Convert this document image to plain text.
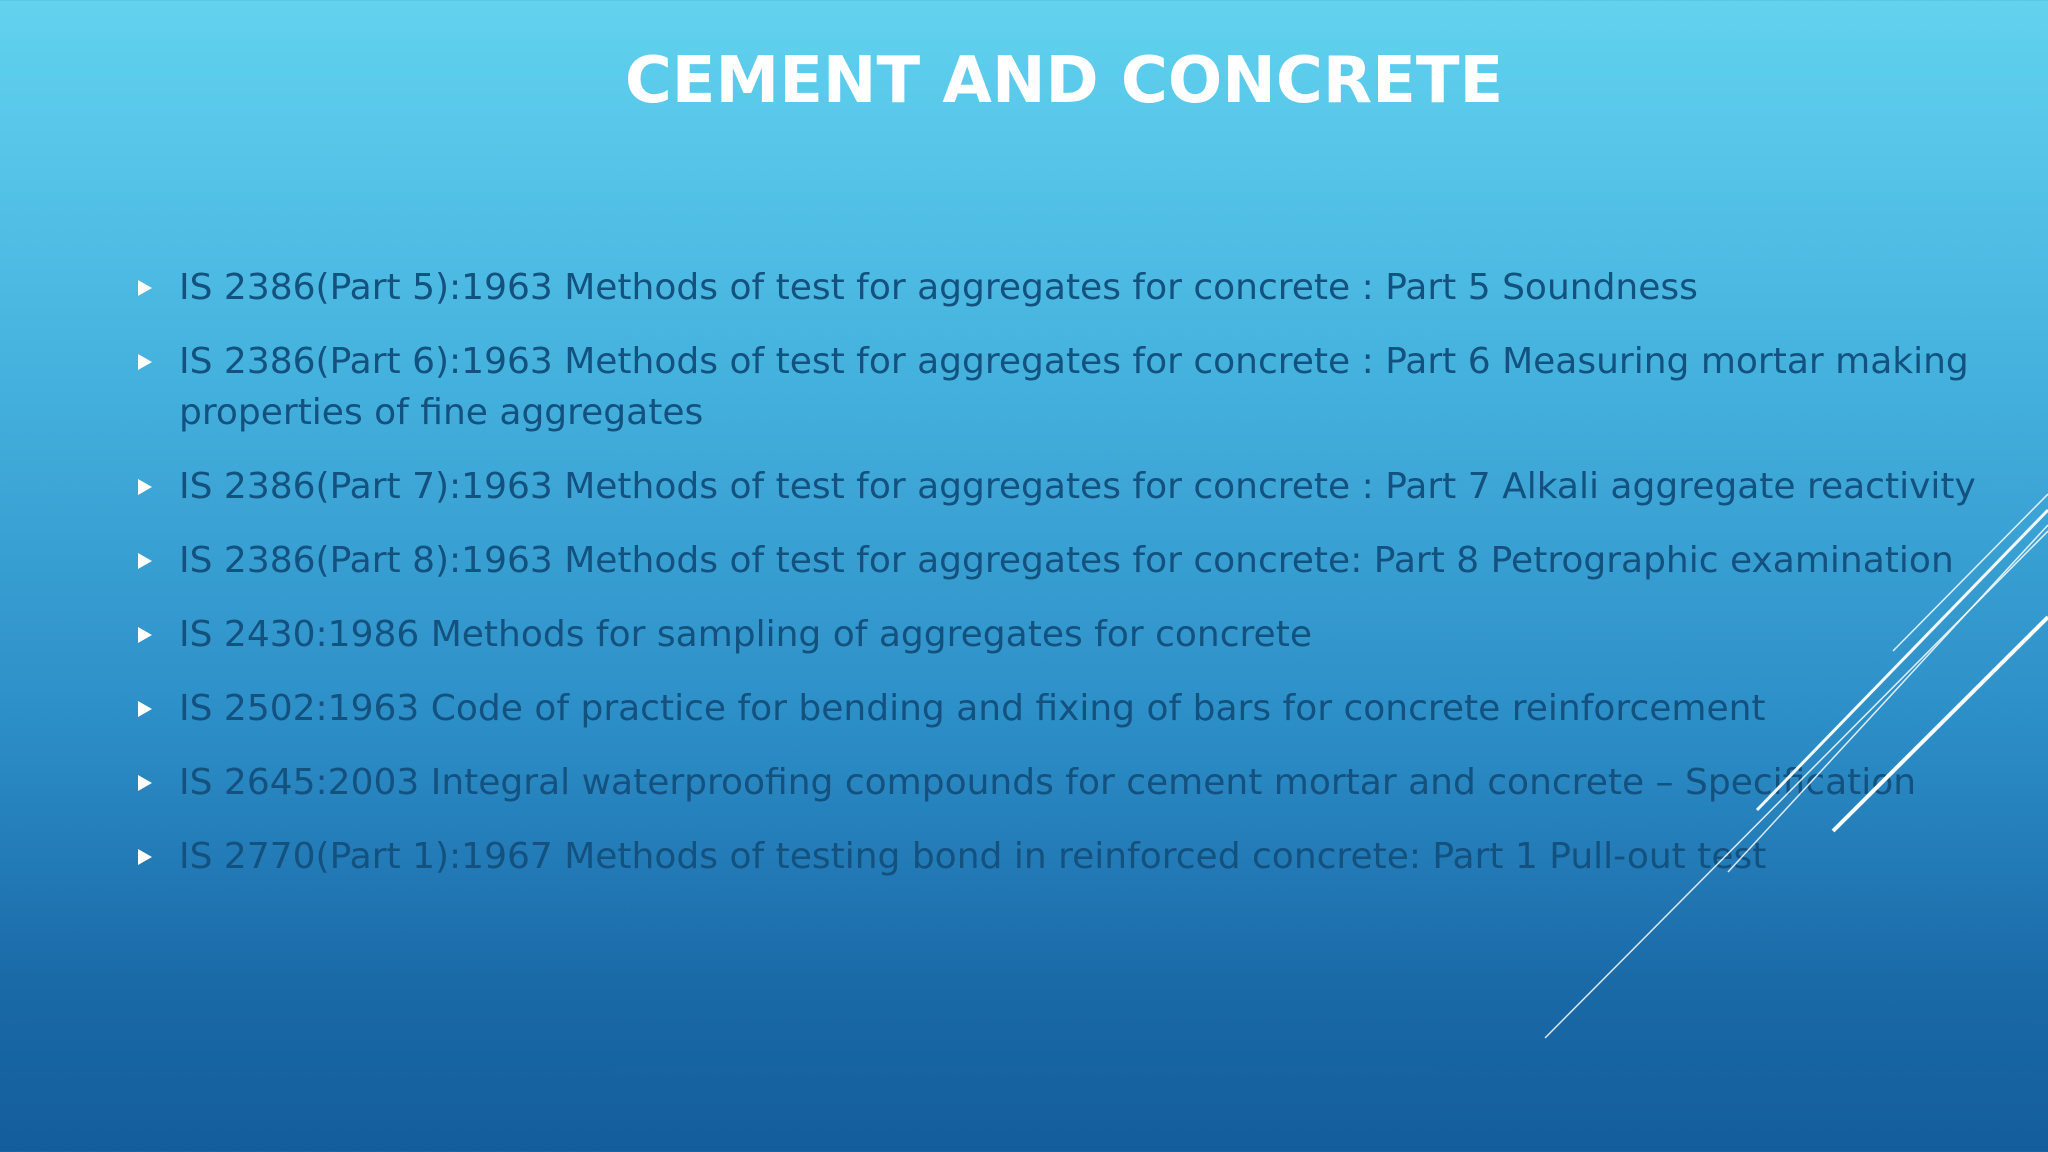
CEMENT AND CONCRETE
IS 2386(Part 5):1963 Methods of test for aggregates for concrete : Part 5 Soundness
IS 2386(Part 6):1963 Methods of test for aggregates for concrete : Part 6 Measuring mortar making properties of fine aggregates
IS 2386(Part 7):1963 Methods of test for aggregates for concrete : Part 7 Alkali aggregate reactivity
IS 2386(Part 8):1963 Methods of test for aggregates for concrete: Part 8 Petrographic examination
IS 2430:1986 Methods for sampling of aggregates for concrete
IS 2502:1963 Code of practice for bending and fixing of bars for concrete reinforcement
IS 2645:2003 Integral waterproofing compounds for cement mortar and concrete – Specification
IS 2770(Part 1):1967 Methods of testing bond in reinforced concrete: Part 1 Pull-out test
